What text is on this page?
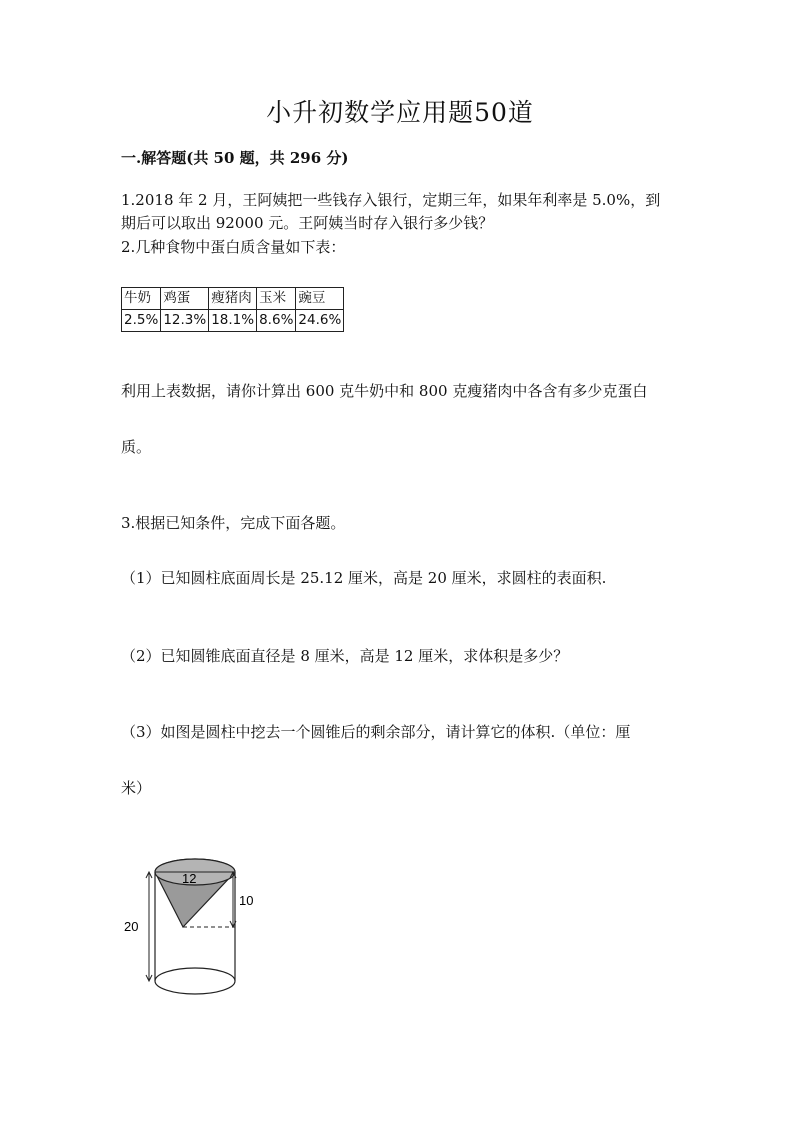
小升初数学应用题50道
一.解答题(共 50 题，共 296 分)
1.2018 年 2 月，王阿姨把一些钱存入银行，定期三年，如果年利率是 5.0%，到
期后可以取出 92000 元。王阿姨当时存入银行多少钱？
2.几种食物中蛋白质含量如下表：
牛奶	鸡蛋	瘦猪肉	玉米	豌豆
2.5%	12.3%	18.1%	8.6%	24.6%
利用上表数据，请你计算出 600 克牛奶中和 800 克瘦猪肉中各含有多少克蛋白
质。
3.根据已知条件，完成下面各题。
（1）已知圆柱底面周长是 25.12 厘米，高是 20 厘米，求圆柱的表面积.
（2）已知圆锥底面直径是 8 厘米，高是 12 厘米，求体积是多少？
（3）如图是圆柱中挖去一个圆锥后的剩余部分，请计算它的体积.（单位：厘
米）
12
10
20
